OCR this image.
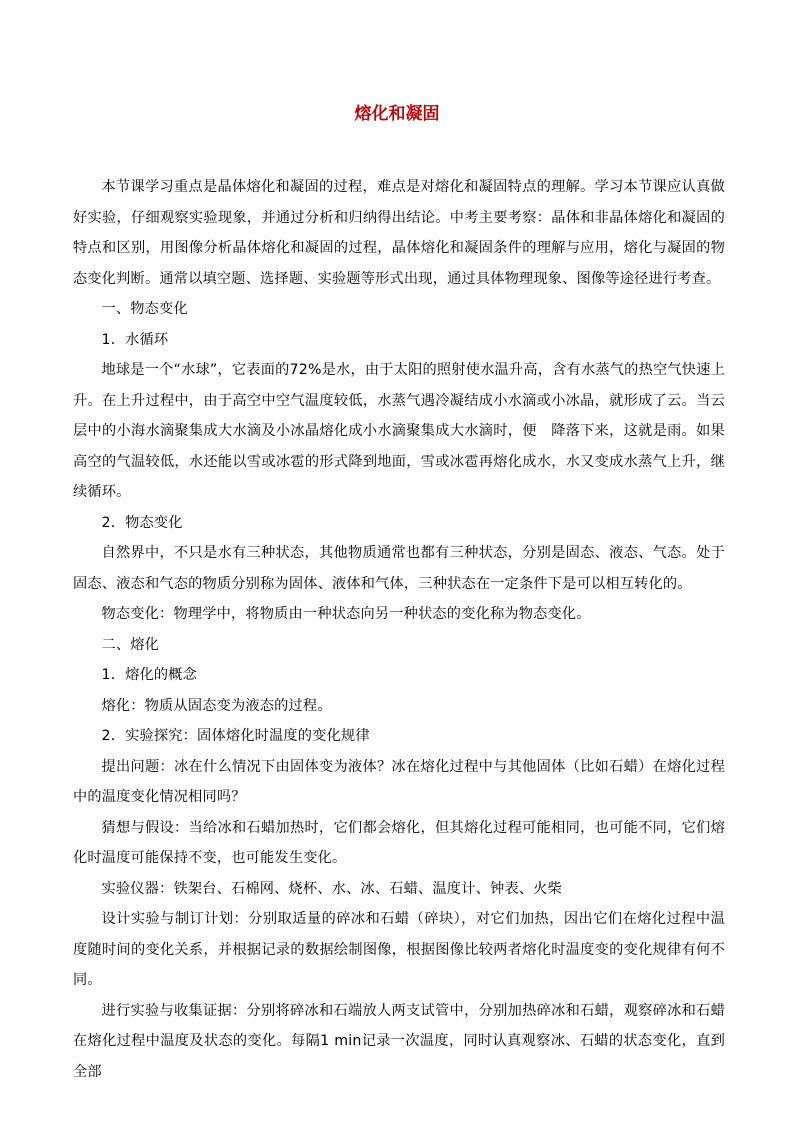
熔化和凝固

本节课学习重点是晶体熔化和凝固的过程，难点是对熔化和凝固特点的理解。学习本节课应认真做好实验，仔细观察实验现象，并通过分析和归纳得出结论。中考主要考察：晶体和非晶体熔化和凝固的特点和区别，用图像分析晶体熔化和凝固的过程，晶体熔化和凝固条件的理解与应用，熔化与凝固的物态变化判断。通常以填空题、选择题、实验题等形式出现，通过具体物理现象、图像等途径进行考查。

一、物态变化

1．水循环

地球是一个“水球”，它表面的72%是水，由于太阳的照射使水温升高，含有水蒸气的热空气快速上升。在上升过程中，由于高空中空气温度较低，水蒸气遇冷凝结成小水滴或小冰晶，就形成了云。当云层中的小海水滴聚集成大水滴及小冰晶熔化成小水滴聚集成大水滴时，便　降落下来，这就是雨。如果高空的气温较低，水还能以雪或冰雹的形式降到地面，雪或冰雹再熔化成水，水又变成水蒸气上升，继续循环。

2．物态变化

自然界中，不只是水有三种状态，其他物质通常也都有三种状态，分别是固态、液态、气态。处于固态、液态和气态的物质分别称为固体、液体和气体，三种状态在一定条件下是可以相互转化的。

物态变化：物理学中，将物质由一种状态向另一种状态的变化称为物态变化。

二、熔化

1．熔化的概念

熔化：物质从固态变为液态的过程。

2．实验探究：固体熔化时温度的变化规律

提出问题：冰在什么情况下由固体变为液体？冰在熔化过程中与其他固体（比如石蜡）在熔化过程中的温度变化情况相同吗？

猜想与假设：当给冰和石蜡加热时，它们都会熔化，但其熔化过程可能相同，也可能不同，它们熔化时温度可能保持不变，也可能发生变化。

实验仪器：铁架台、石棉网、烧杯、水、冰、石蜡、温度计、钟表、火柴

设计实验与制订计划：分别取适量的碎冰和石蜡（碎块），对它们加热，因出它们在熔化过程中温度随时间的变化关系，并根据记录的数据绘制图像，根据图像比较两者熔化时温度变的变化规律有何不同。

进行实验与收集证据：分别将碎冰和石端放人两支试管中，分别加热碎冰和石蜡，观察碎冰和石蜡在熔化过程中温度及状态的变化。每隔1 min记录一次温度，同时认真观察冰、石蜡的状态变化，直到全部
